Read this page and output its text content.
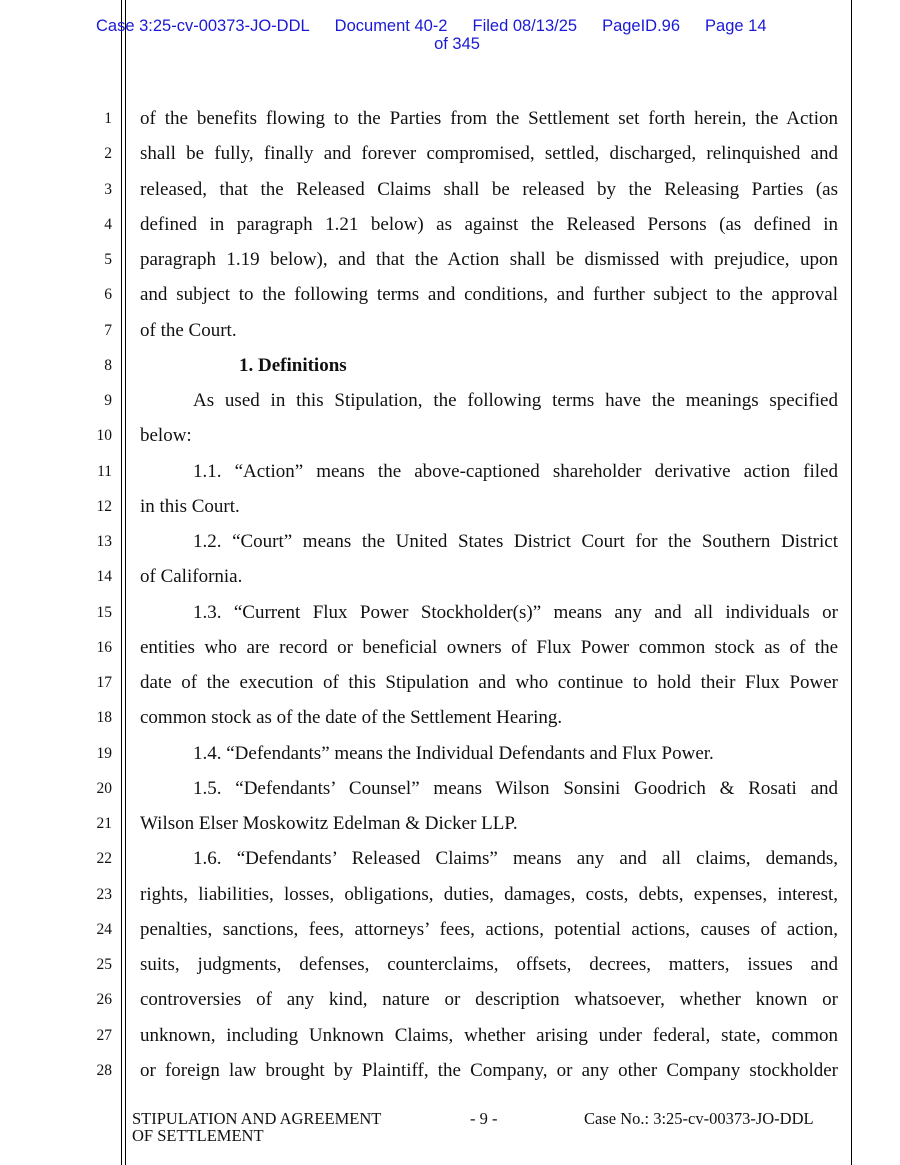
Case 3:25-cv-00373-JO-DDL Document 40-2 Filed 08/13/25 PageID.96 Page 14
of 345
1
2
3
4
5
6
7
8
9
10
11
12
13
14
15
16
17
18
19
20
21
22
23
24
25
26
27
28
of the benefits flowing to the Parties from the Settlement set forth herein, the Action
shall be fully, finally and forever compromised, settled, discharged, relinquished and
released, that the Released Claims shall be released by the Releasing Parties (as
defined in paragraph 1.21 below) as against the Released Persons (as defined in
paragraph 1.19 below), and that the Action shall be dismissed with prejudice, upon
and subject to the following terms and conditions, and further subject to the approval
of the Court.
1. Definitions
As used in this Stipulation, the following terms have the meanings specified
below:
1.1. “Action” means the above-captioned shareholder derivative action filed
in this Court.
1.2. “Court” means the United States District Court for the Southern District
of California.
1.3. “Current Flux Power Stockholder(s)” means any and all individuals or
entities who are record or beneficial owners of Flux Power common stock as of the
date of the execution of this Stipulation and who continue to hold their Flux Power
common stock as of the date of the Settlement Hearing.
1.4. “Defendants” means the Individual Defendants and Flux Power.
1.5. “Defendants’ Counsel” means Wilson Sonsini Goodrich & Rosati and
Wilson Elser Moskowitz Edelman & Dicker LLP.
1.6. “Defendants’ Released Claims” means any and all claims, demands,
rights, liabilities, losses, obligations, duties, damages, costs, debts, expenses, interest,
penalties, sanctions, fees, attorneys’ fees, actions, potential actions, causes of action,
suits, judgments, defenses, counterclaims, offsets, decrees, matters, issues and
controversies of any kind, nature or description whatsoever, whether known or
unknown, including Unknown Claims, whether arising under federal, state, common
or foreign law brought by Plaintiff, the Company, or any other Company stockholder
STIPULATION AND AGREEMENT
OF SETTLEMENT
- 9 -	Case No.: 3:25-cv-00373-JO-DDL
